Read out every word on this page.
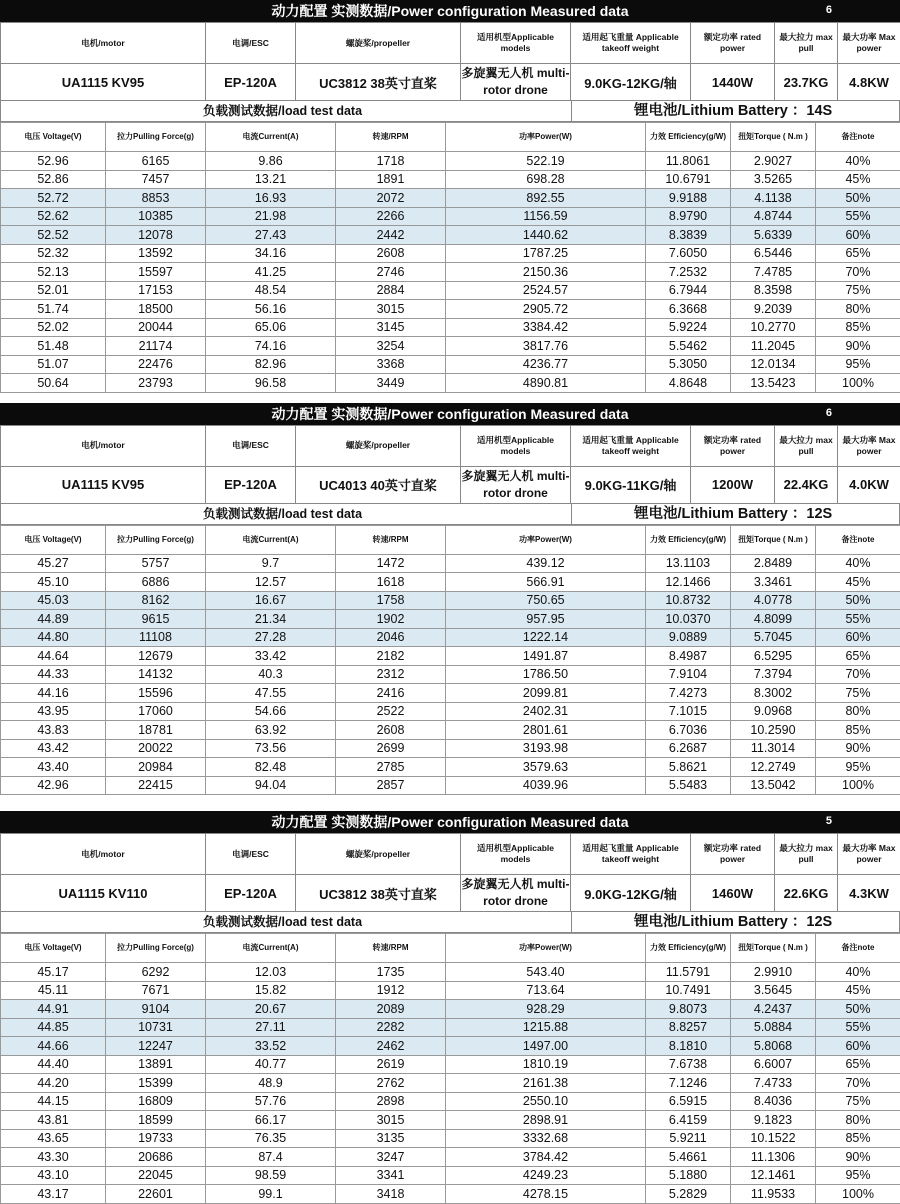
动力配置 实测数据/Power configuration Measured data	6
电机/motor	电调/ESC	螺旋桨/propeller	适用机型Applicable models	适用起飞重量 Applicable takeoff weight	额定功率 rated power	最大拉力 max pull	最大功率 Max power
UA1115 KV95	EP-120A	UC3812 38英寸直桨	多旋翼无人机 multi-rotor drone	9.0KG-12KG/轴	1440W	23.7KG	4.8KW
负载测试数据/load test data	锂电池/Lithium Battery ：14S
电压 Voltage(V)	拉力Pulling Force(g)	电流Current(A)	转速/RPM	功率Power(W)	力效 Efficiency(g/W)	扭矩Torque ( N.m )	备注note
52.96	6165	9.86	1718	522.19	11.8061	2.9027	40%
52.86	7457	13.21	1891	698.28	10.6791	3.5265	45%
52.72	8853	16.93	2072	892.55	9.9188	4.1138	50%
52.62	10385	21.98	2266	1156.59	8.9790	4.8744	55%
52.52	12078	27.43	2442	1440.62	8.3839	5.6339	60%
52.32	13592	34.16	2608	1787.25	7.6050	6.5446	65%
52.13	15597	41.25	2746	2150.36	7.2532	7.4785	70%
52.01	17153	48.54	2884	2524.57	6.7944	8.3598	75%
51.74	18500	56.16	3015	2905.72	6.3668	9.2039	80%
52.02	20044	65.06	3145	3384.42	5.9224	10.2770	85%
51.48	21174	74.16	3254	3817.76	5.5462	11.2045	90%
51.07	22476	82.96	3368	4236.77	5.3050	12.0134	95%
50.64	23793	96.58	3449	4890.81	4.8648	13.5423	100%
动力配置 实测数据/Power configuration Measured data	6
电机/motor	电调/ESC	螺旋桨/propeller	适用机型Applicable models	适用起飞重量 Applicable takeoff weight	额定功率 rated power	最大拉力 max pull	最大功率 Max power
UA1115 KV95	EP-120A	UC4013 40英寸直桨	多旋翼无人机 multi-rotor drone	9.0KG-11KG/轴	1200W	22.4KG	4.0KW
负载测试数据/load test data	锂电池/Lithium Battery ：12S
电压 Voltage(V)	拉力Pulling Force(g)	电流Current(A)	转速/RPM	功率Power(W)	力效 Efficiency(g/W)	扭矩Torque ( N.m )	备注note
45.27	5757	9.7	1472	439.12	13.1103	2.8489	40%
45.10	6886	12.57	1618	566.91	12.1466	3.3461	45%
45.03	8162	16.67	1758	750.65	10.8732	4.0778	50%
44.89	9615	21.34	1902	957.95	10.0370	4.8099	55%
44.80	11108	27.28	2046	1222.14	9.0889	5.7045	60%
44.64	12679	33.42	2182	1491.87	8.4987	6.5295	65%
44.33	14132	40.3	2312	1786.50	7.9104	7.3794	70%
44.16	15596	47.55	2416	2099.81	7.4273	8.3002	75%
43.95	17060	54.66	2522	2402.31	7.1015	9.0968	80%
43.83	18781	63.92	2608	2801.61	6.7036	10.2590	85%
43.42	20022	73.56	2699	3193.98	6.2687	11.3014	90%
43.40	20984	82.48	2785	3579.63	5.8621	12.2749	95%
42.96	22415	94.04	2857	4039.96	5.5483	13.5042	100%
动力配置 实测数据/Power configuration Measured data	5
电机/motor	电调/ESC	螺旋桨/propeller	适用机型Applicable models	适用起飞重量 Applicable takeoff weight	额定功率 rated power	最大拉力 max pull	最大功率 Max power
UA1115 KV110	EP-120A	UC3812 38英寸直桨	多旋翼无人机 multi-rotor drone	9.0KG-12KG/轴	1460W	22.6KG	4.3KW
负载测试数据/load test data	锂电池/Lithium Battery ：12S
电压 Voltage(V)	拉力Pulling Force(g)	电流Current(A)	转速/RPM	功率Power(W)	力效 Efficiency(g/W)	扭矩Torque ( N.m )	备注note
45.17	6292	12.03	1735	543.40	11.5791	2.9910	40%
45.11	7671	15.82	1912	713.64	10.7491	3.5645	45%
44.91	9104	20.67	2089	928.29	9.8073	4.2437	50%
44.85	10731	27.11	2282	1215.88	8.8257	5.0884	55%
44.66	12247	33.52	2462	1497.00	8.1810	5.8068	60%
44.40	13891	40.77	2619	1810.19	7.6738	6.6007	65%
44.20	15399	48.9	2762	2161.38	7.1246	7.4733	70%
44.15	16809	57.76	2898	2550.10	6.5915	8.4036	75%
43.81	18599	66.17	3015	2898.91	6.4159	9.1823	80%
43.65	19733	76.35	3135	3332.68	5.9211	10.1522	85%
43.30	20686	87.4	3247	3784.42	5.4661	11.1306	90%
43.10	22045	98.59	3341	4249.23	5.1880	12.1461	95%
43.17	22601	99.1	3418	4278.15	5.2829	11.9533	100%
